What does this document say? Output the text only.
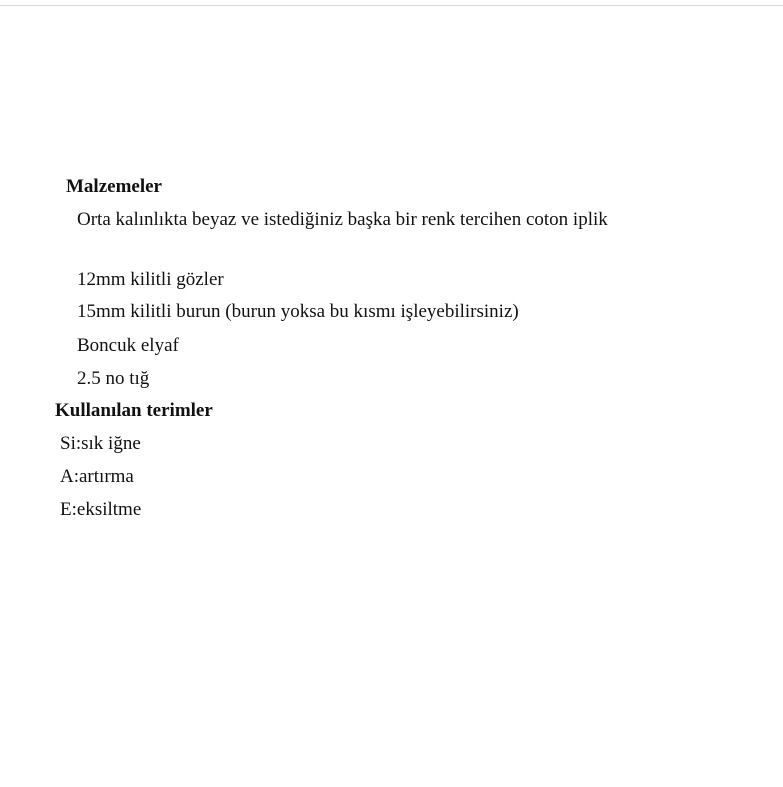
Malzemeler
Orta kalınlıkta beyaz ve istediğiniz başka bir renk tercihen coton iplik
12mm kilitli gözler
15mm kilitli burun (burun yoksa bu kısmı işleyebilirsiniz)
Boncuk elyaf
2.5 no tığ
Kullanılan terimler
Si:sık iğne
A:artırma
E:eksiltme
